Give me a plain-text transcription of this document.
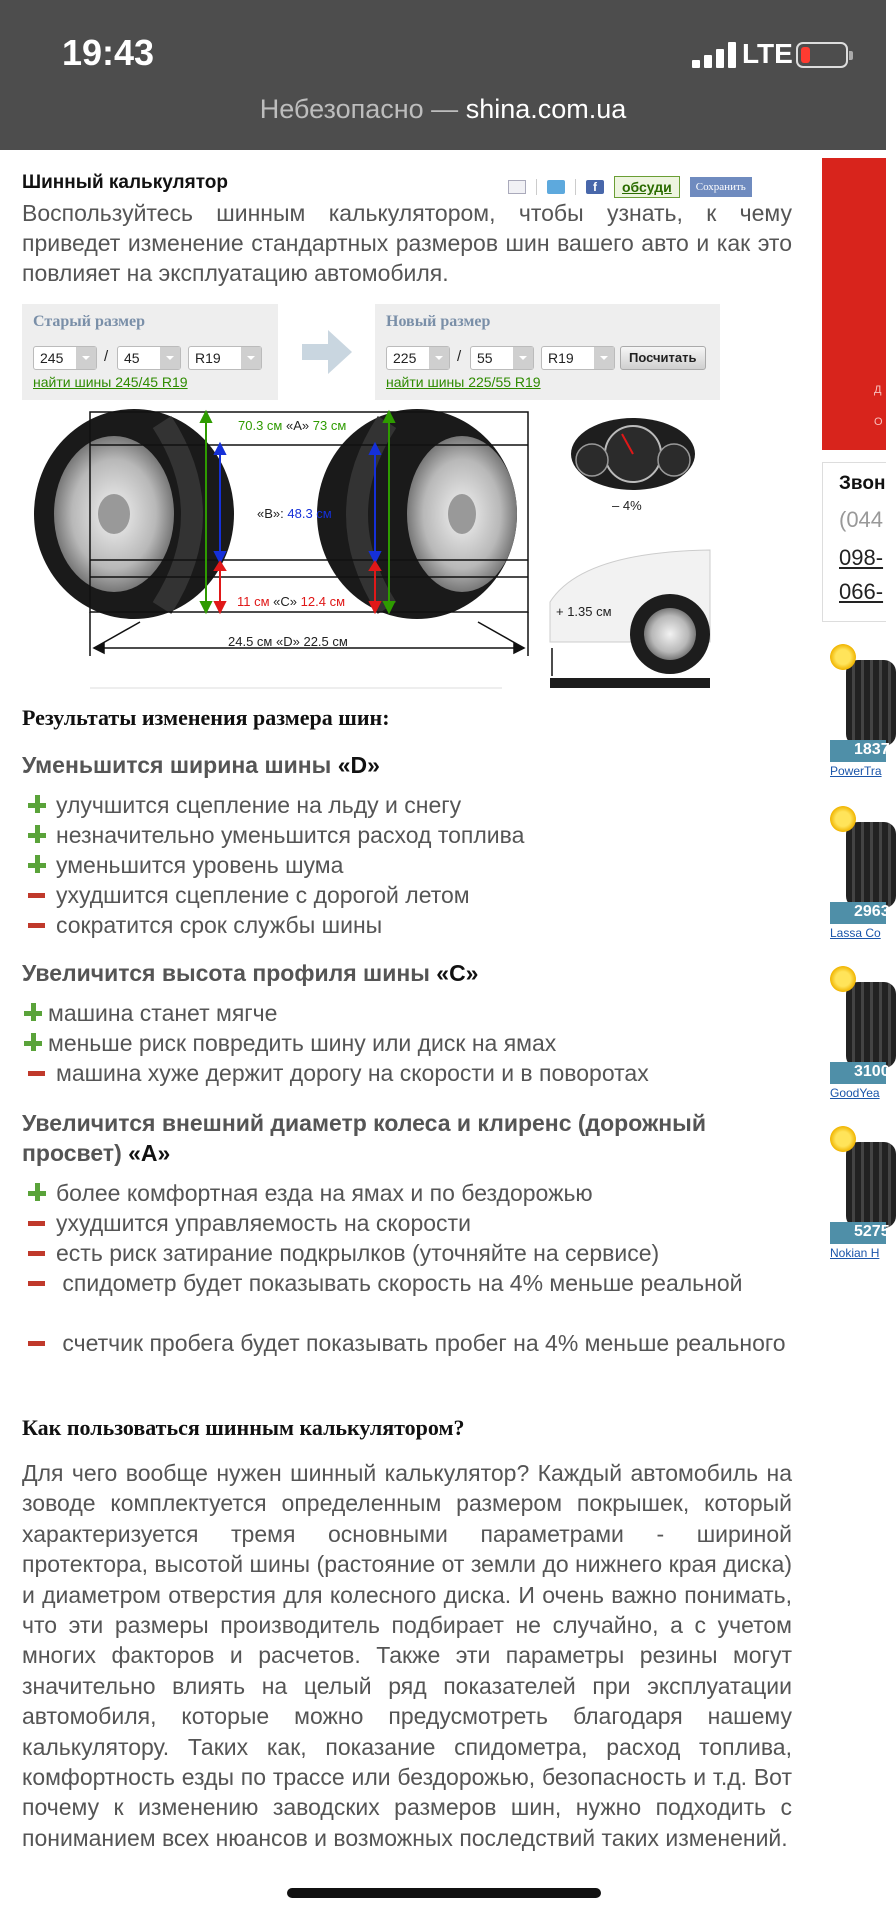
19:43	LTE
Небезопасно — shina.com.ua
Шинный калькулятор	f	обсуди	Сохранить
Воспользуйтесь шинным калькулятором, чтобы узнать, к чему приведет изменение стандартных размеров шин вашего авто и как это повлияет на эксплуатацию автомобиля.
Старый размер
245	/	45	R19
найти шины 245/45 R19
Новый размер
225	/	55	R19	Посчитать
найти шины 225/55 R19
70.3 см «A» 73 см
«B»: 48.3 см
11 см «C» 12.4 см
24.5 см «D» 22.5 см
– 4%
+ 1.35 см
Результаты изменения размера шин:
Уменьшится ширина шины «D»
улучшится сцепление на льду и снегу
незначительно уменьшится расход топлива
уменьшится уровень шума
ухудшится сцепление с дорогой летом
сократится срок службы шины
Увеличится высота профиля шины «C»
машина станет мягче
меньше риск повредить шину или диск на ямах
машина хуже держит дорогу на скорости и в поворотах
Увеличится внешний диаметр колеса и клиренс (дорожный просвет) «A»
более комфортная езда на ямах и по бездорожью
ухудшится управляемость на скорости
есть риск затирание подкрылков (уточняйте на сервисе)
спидометр будет показывать скорость на 4% меньше реальной
счетчик пробега будет показывать пробег на 4% меньше реального
Как пользоваться шинным калькулятором?
Для чего вообще нужен шинный калькулятор? Каждый автомобиль на зоводе комплектуется определенным размером покрышек, который характеризуется тремя основными параметрами - шириной протектора, высотой шины (растояние от земли до нижнего края диска) и диаметром отверстия для колесного диска. И очень важно понимать, что эти размеры производитель подбирает не случайно, а с учетом многих факторов и расчетов. Также эти параметры резины могут значительно влиять на целый ряд показателей при эксплуатации автомобиля, которые можно предусмотреть благодаря нашему калькулятору. Таких как, показание спидометра, расход топлива, комфортность езды по трассе или бездорожью, безопасность и т.д. Вот почему к изменению заводских размеров шин, нужно подходить с пониманием всех нюансов и возможных последствий таких изменений.
Д
О
Звон
(044
098-
066-
1837
PowerTra
2963
Lassa Co
3100
GoodYea
5275
Nokian H
